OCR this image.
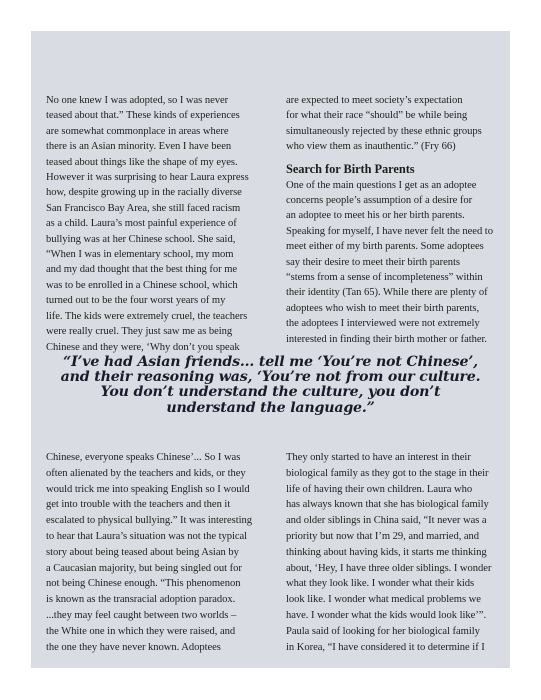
No one knew I was adopted, so I was never

teased about that.” These kinds of experiences

are somewhat commonplace in areas where

there is an Asian minority. Even I have been

teased about things like the shape of my eyes.

However it was surprising to hear Laura express

how, despite growing up in the racially diverse

San Francisco Bay Area, she still faced racism

as a child. Laura’s most painful experience of

bullying was at her Chinese school. She said,

“When I was in elementary school, my mom

and my dad thought that the best thing for me

was to be enrolled in a Chinese school, which

turned out to be the four worst years of my

life. The kids were extremely cruel, the teachers

were really cruel. They just saw me as being

Chinese and they were, ‘Why don’t you speak

are expected to meet society’s expectation

for what their race “should” be while being

simultaneously rejected by these ethnic groups

who view them as inauthentic.” (Fry 66)

Search for Birth Parents

One of the main questions I get as an adoptee

concerns people’s assumption of a desire for

an adoptee to meet his or her birth parents.

Speaking for myself, I have never felt the need to

meet either of my birth parents. Some adoptees

say their desire to meet their birth parents

“stems from a sense of incompleteness” within

their identity (Tan 65). While there are plenty of

adoptees who wish to meet their birth parents,

the adoptees I interviewed were not extremely

interested in finding their birth mother or father.

“I’ve had Asian friends... tell me ‘You’re not Chinese’,
and their reasoning was, ‘You’re not from our culture.
You don’t understand the culture, you don’t
understand the language.”

Chinese, everyone speaks Chinese’... So I was

often alienated by the teachers and kids, or they

would trick me into speaking English so I would

get into trouble with the teachers and then it

escalated to physical bullying.” It was interesting

to hear that Laura’s situation was not the typical

story about being teased about being Asian by

a Caucasian majority, but being singled out for

not being Chinese enough. “This phenomenon

is known as the transracial adoption paradox.

...they may feel caught between two worlds –

the White one in which they were raised, and

the one they have never known. Adoptees

They only started to have an interest in their

biological family as they got to the stage in their

life of having their own children. Laura who

has always known that she has biological family

and older siblings in China said, “It never was a

priority but now that I’m 29, and married, and

thinking about having kids, it starts me thinking

about, ‘Hey, I have three older siblings. I wonder

what they look like. I wonder what their kids

look like. I wonder what medical problems we

have. I wonder what the kids would look like’”.

Paula said of looking for her biological family

in Korea, “I have considered it to determine if I
